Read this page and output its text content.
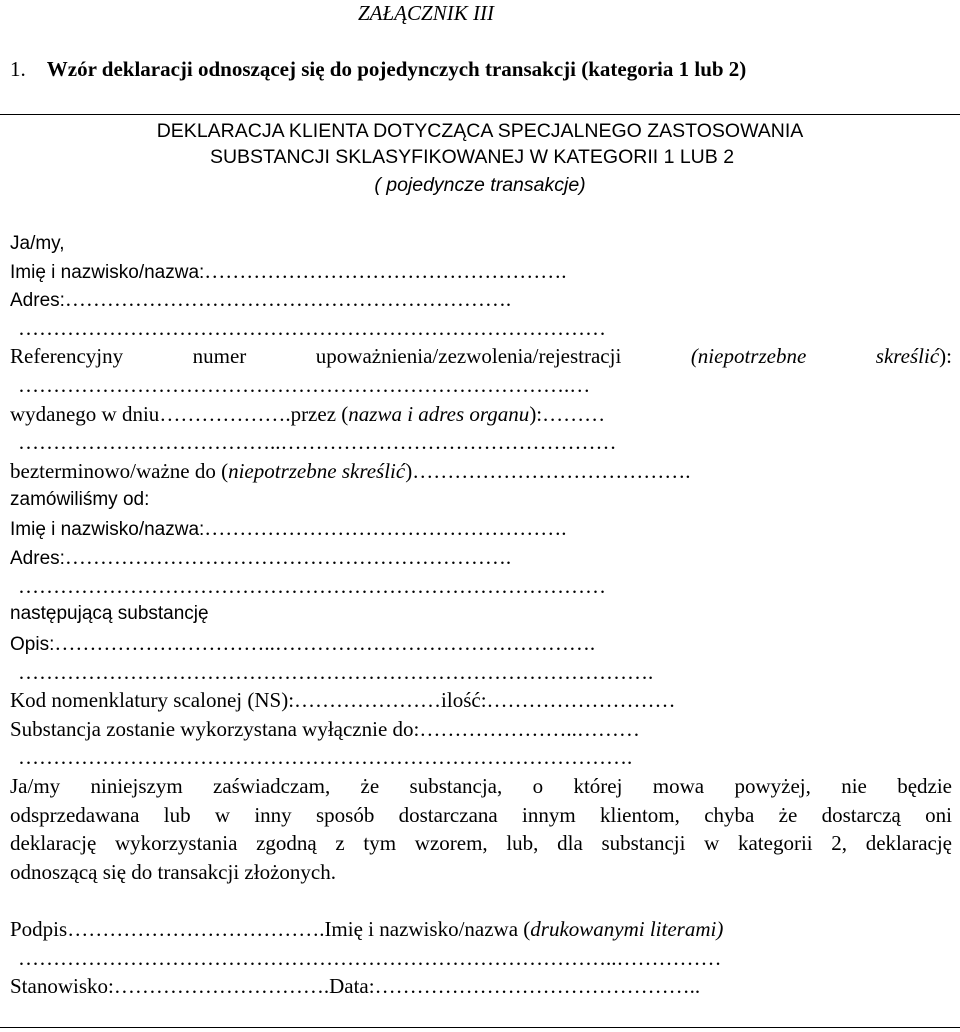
ZAŁĄCZNIK III
1. Wzór deklaracji odnoszącej się do pojedynczych transakcji (kategoria 1 lub 2)
DEKLARACJA KLIENTA DOTYCZĄCA SPECJALNEGO ZASTOSOWANIA
SUBSTANCJI SKLASYFIKOWANEJ W KATEGORII 1 LUB 2
( pojedyncze transakcje)
Ja/my,
Imię i nazwisko/nazwa:…………………………………………….
Adres:……………………………………………………….
…………………………………………………………………………
Referencyjny numer upoważnienia/zezwolenia/rejestracji	(niepotrzebne skreślić):
…………………………………………………………………….…
wydanego w dniu……………….przez (nazwa i adres organu):………
………………………………..…………………………………………
bezterminowo/ważne do (niepotrzebne skreślić)………………………………….
zamówiliśmy od:
Imię i nazwisko/nazwa:…………………………………………….
Adres:……………………………………………………….
…………………………………………………………………………
następującą substancję
Opis:…………………………..……………………………………….
……………………………………………………………………………….
Kod nomenklatury scalonej (NS):…………………ilość:………………………
Substancja zostanie wykorzystana wyłącznie do:…………………..………
…………………………………………………………………………….
Ja/my niniejszym zaświadczam, że substancja, o której mowa powyżej, nie będzie
odsprzedawana lub w inny sposób dostarczana innym klientom, chyba że dostarczą oni
deklarację wykorzystania zgodną z tym wzorem, lub, dla substancji w kategorii 2, deklarację
odnoszącą się do transakcji złożonych.
Podpis……………………………….Imię i nazwisko/nazwa (drukowanymi literami)
…………………………………………………………………………..……………
Stanowisko:………………………….Data:………………………………………..
